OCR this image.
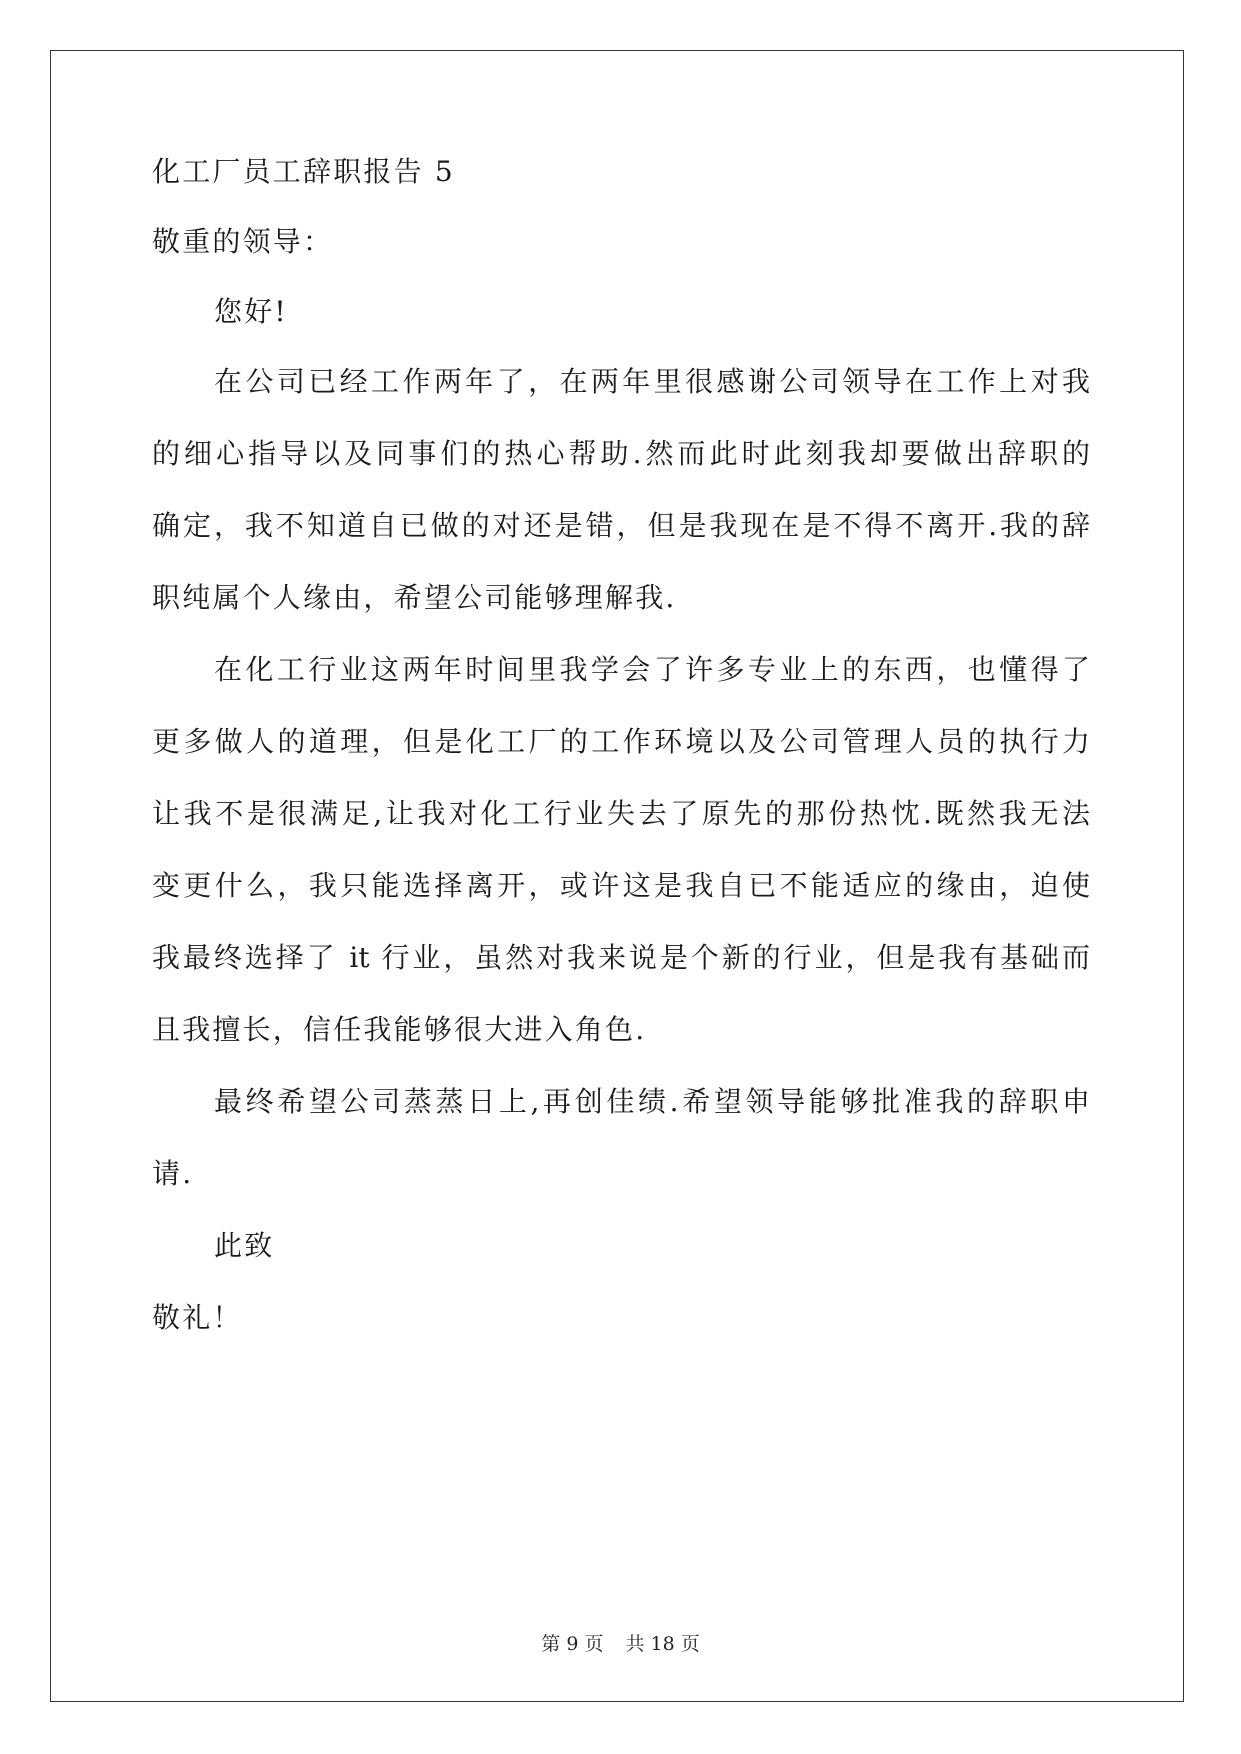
化工厂员工辞职报告 5
敬重的领导：
您好!
在公司已经工作两年了，在两年里很感谢公司领导在工作上对我
的细心指导以及同事们的热心帮助.然而此时此刻我却要做出辞职的
确定，我不知道自已做的对还是错，但是我现在是不得不离开.我的辞
职纯属个人缘由，希望公司能够理解我.
在化工行业这两年时间里我学会了许多专业上的东西，也懂得了
更多做人的道理，但是化工厂的工作环境以及公司管理人员的执行力
让我不是很满足,让我对化工行业失去了原先的那份热忱.既然我无法
变更什么，我只能选择离开，或许这是我自已不能适应的缘由，迫使
我最终选择了 it 行业，虽然对我来说是个新的行业，但是我有基础而
且我擅长，信任我能够很大进入角色.
最终希望公司蒸蒸日上,再创佳绩.希望领导能够批准我的辞职申
请.
此致
敬礼！
第 9 页 共 18 页
